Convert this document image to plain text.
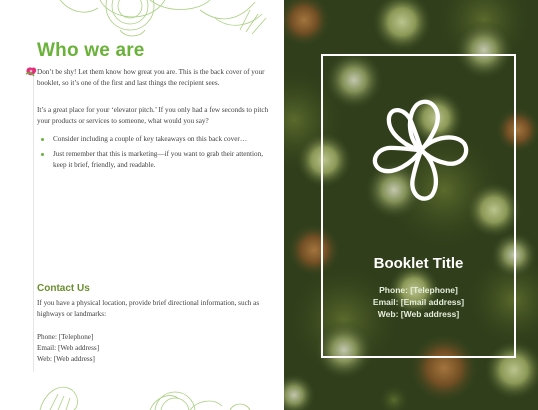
Who we are

Don’t be shy! Let them know how great you are. This is the back cover of your booklet, so it’s one of the first and last things the recipient sees.

It’s a great place for your ‘elevator pitch.’ If you only had a few seconds to pitch your products or services to someone, what would you say?

Consider including a couple of key takeaways on this back cover…
Just remember that this is marketing—if you want to grab their attention, keep it brief, friendly, and readable.
Contact Us

If you have a physical location, provide brief directional information, such as highways or landmarks:

Phone: [Telephone]
Email: [Web address]
Web: [Web address]
Booklet Title
Phone: [Telephone]
Email: [Email address]
Web: [Web address]
